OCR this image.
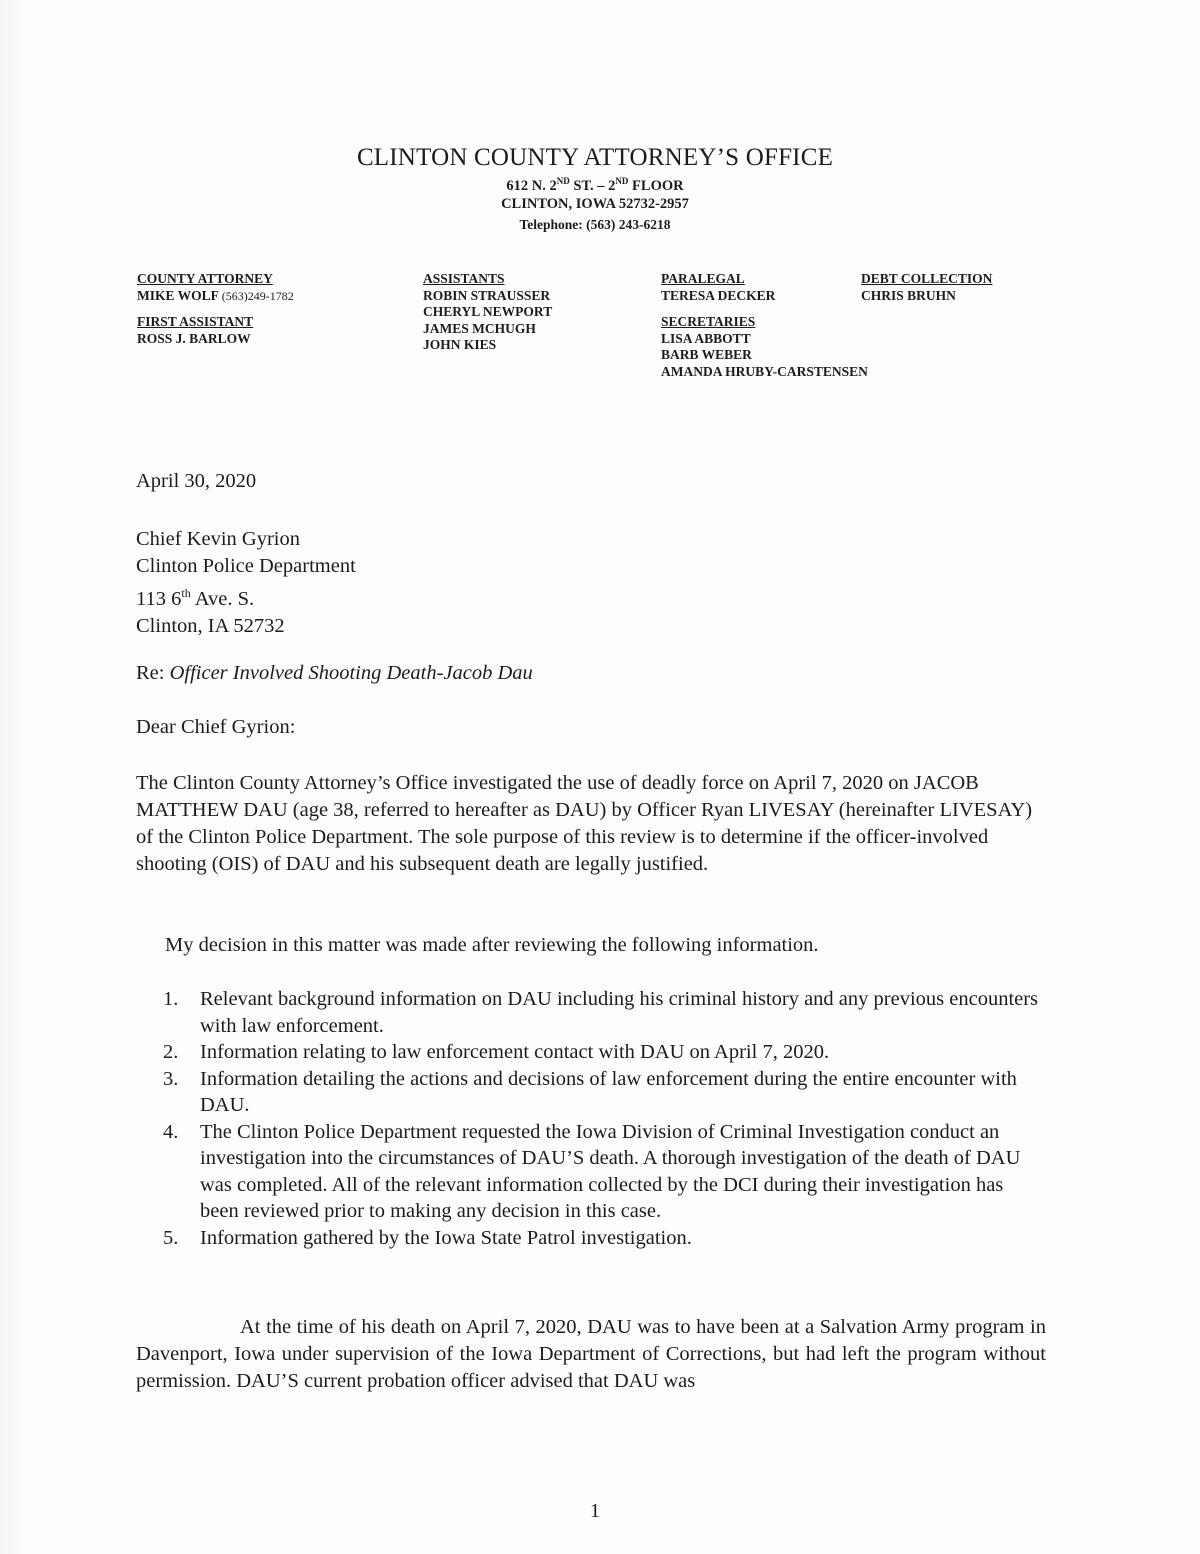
CLINTON COUNTY ATTORNEY’S OFFICE
612 N. 2ND ST. – 2ND FLOOR
CLINTON, IOWA 52732-2957
Telephone: (563) 243-6218
COUNTY ATTORNEY
MIKE WOLF (563)249-1782
FIRST ASSISTANT
ROSS J. BARLOW
ASSISTANTS
ROBIN STRAUSSER
CHERYL NEWPORT
JAMES MCHUGH
JOHN KIES
PARALEGAL
TERESA DECKER
SECRETARIES
LISA ABBOTT
BARB WEBER
AMANDA HRUBY-CARSTENSEN
DEBT COLLECTION
CHRIS BRUHN
April 30, 2020
Chief Kevin Gyrion
Clinton Police Department
113 6th Ave. S.
Clinton, IA 52732
Re: Officer Involved Shooting Death-Jacob Dau
Dear Chief Gyrion:
The Clinton County Attorney’s Office investigated the use of deadly force on April 7, 2020 on JACOB MATTHEW DAU (age 38, referred to hereafter as DAU) by Officer Ryan LIVESAY (hereinafter LIVESAY) of the Clinton Police Department. The sole purpose of this review is to determine if the officer-involved shooting (OIS) of DAU and his subsequent death are legally justified.
My decision in this matter was made after reviewing the following information.
1. Relevant background information on DAU including his criminal history and any previous encounters with law enforcement.
2. Information relating to law enforcement contact with DAU on April 7, 2020.
3. Information detailing the actions and decisions of law enforcement during the entire encounter with DAU.
4. The Clinton Police Department requested the Iowa Division of Criminal Investigation conduct an investigation into the circumstances of DAU’S death. A thorough investigation of the death of DAU was completed. All of the relevant information collected by the DCI during their investigation has been reviewed prior to making any decision in this case.
5. Information gathered by the Iowa State Patrol investigation.
At the time of his death on April 7, 2020, DAU was to have been at a Salvation Army program in Davenport, Iowa under supervision of the Iowa Department of Corrections, but had left the program without permission. DAU’S current probation officer advised that DAU was
1
